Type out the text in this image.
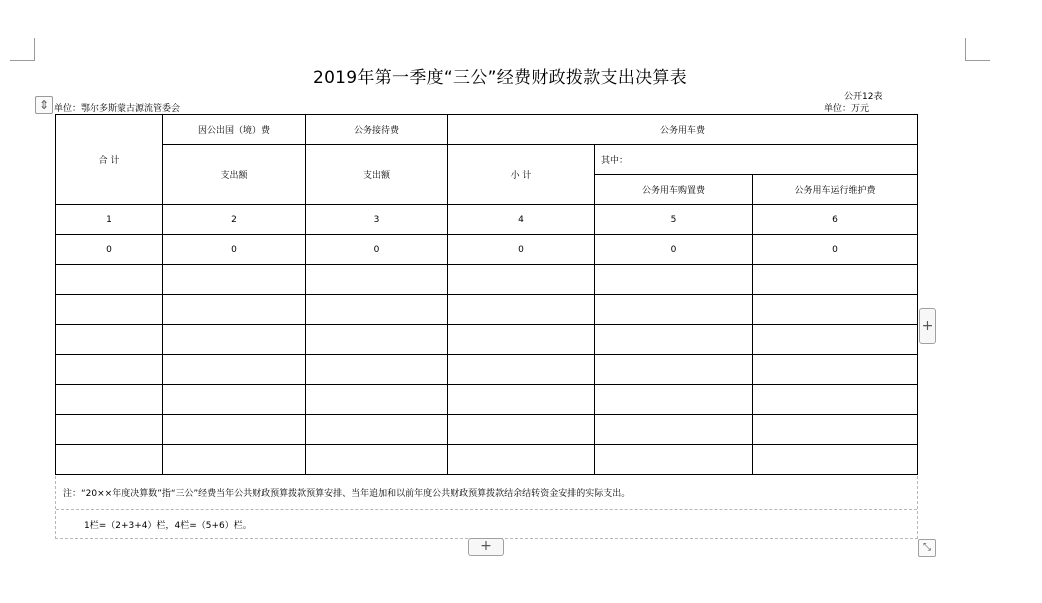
2019年第一季度“三公”经费财政拨款支出决算表
公开12表
单位：鄂尔多斯蒙古源流管委会	单位：万元
⇕
合 计	因公出国（境）费	公务接待费	公务用车费		
	支出额	支出额	小 计	其中：	
				公务用车购置费	公务用车运行维护费
1	2	3	4	5	6
0	0	0	0	0	0

注：“20××年度决算数”指“三公”经费当年公共财政预算拨款预算安排、当年追加和以前年度公共财政预算拨款结余结转资金安排的实际支出。
1栏=（2+3+4）栏，4栏=（5+6）栏。
+
+	⤡
